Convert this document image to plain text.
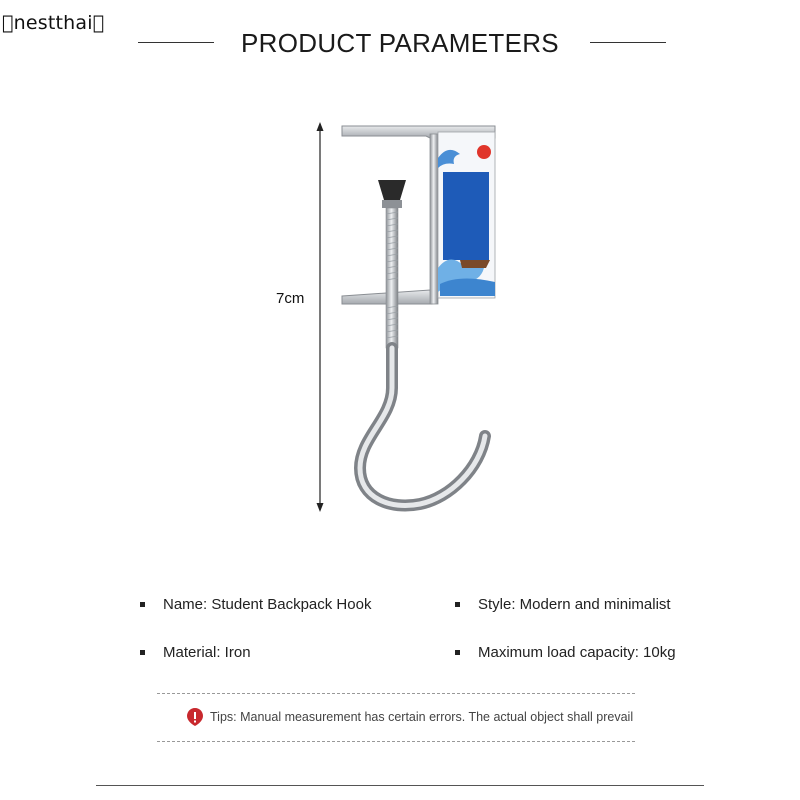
 nestthai 
PRODUCT PARAMETERS
7cm
Name: Student Backpack Hook	Style: Modern and minimalist
Material: Iron	Maximum load capacity: 10kg
Tips: Manual measurement has certain errors. The actual object shall prevail
